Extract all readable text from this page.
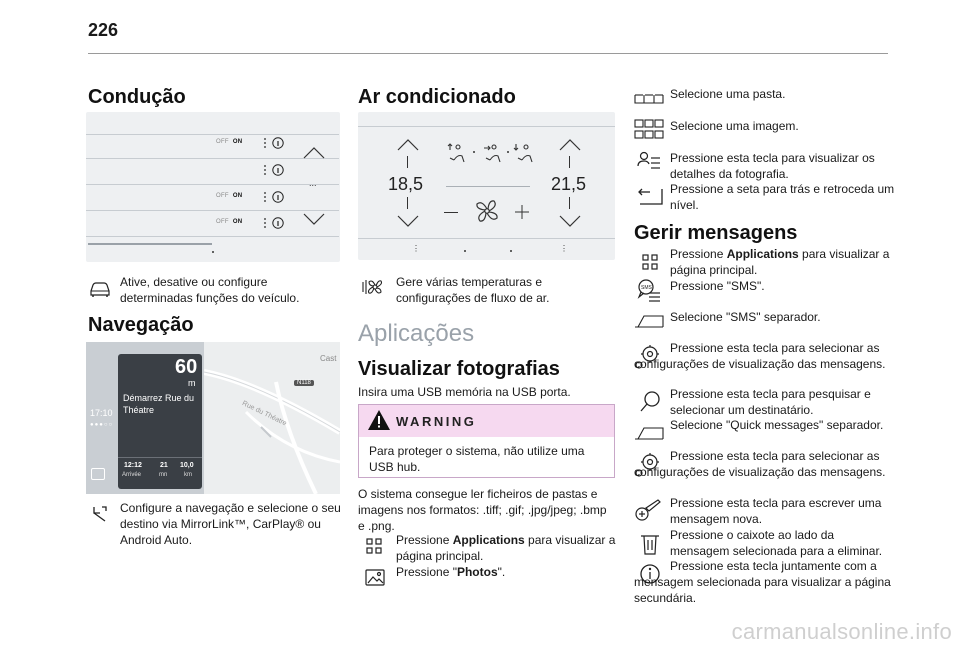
226
Condução
OFF ON
OFF ON
OFF ON
...
Ative, desative ou configure determinadas funções do veículo.
Navegação
Cast
Rue du Théatre
N118
17:10
●●●○○
60
m
Démarrez Rue du Théatre
12:12
Arrivée
21
mn
10,0
km
Configure a navegação e selecione o seu destino via MirrorLink™, CarPlay® ou Android Auto.
Ar condicionado
18,5	21,5
⋮	⋮
Gere várias temperaturas e configurações de fluxo de ar.
Aplicações
Visualizar fotografias
Insira uma USB memória na USB porta.
WARNING
Para proteger o sistema, não utilize uma USB hub.
O sistema consegue ler ficheiros de pastas e imagens nos formatos: .tiff; .gif; .jpg/jpeg; .bmp e .png.
Pressione Applications para visualizar a página principal.
Pressione "Photos".
Selecione uma pasta.
Selecione uma imagem.
Pressione esta tecla para visualizar os detalhes da fotografia.
Pressione a seta para trás e retroceda um nível.
Gerir mensagens
Pressione Applications para visualizar a página principal.
SMS Pressione "SMS".
Selecione "SMS" separador.
Pressione esta tecla para selecionar as configurações de visualização das mensagens.
Pressione esta tecla para pesquisar e selecionar um destinatário.
Selecione "Quick messages" separador.
Pressione esta tecla para selecionar as configurações de visualização das mensagens.
Pressione esta tecla para escrever uma mensagem nova.
Pressione o caixote ao lado da mensagem selecionada para a eliminar.
Pressione esta tecla juntamente com a mensagem selecionada para visualizar a página secundária.
carmanualsonline.info
